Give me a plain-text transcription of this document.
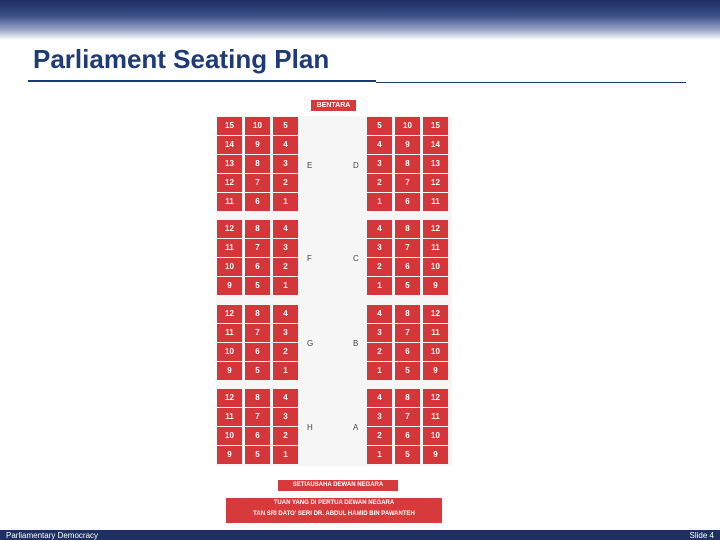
Parliament Seating Plan
BENTARA
15	10	5
14	9	4
13	8	3
12	7	2
11	6	1
E
5	10	15
4	9	14
3	8	13
2	7	12
1	6	11
D
12	8	4
11	7	3
10	6	2
9	5	1
F
4	8	12
3	7	11
2	6	10
1	5	9
C
12	8	4
11	7	3
10	6	2
9	5	1
G
4	8	12
3	7	11
2	6	10
1	5	9
B
12	8	4
11	7	3
10	6	2
9	5	1
H
4	8	12
3	7	11
2	6	10
1	5	9
A
SETIAUSAHA DEWAN NEGARA
TUAN YANG DI PERTUA DEWAN NEGARA
TAN SRI DATO' SERI DR. ABDUL HAMID BIN PAWANTEH
Parliamentary Democracy	Slide 4
